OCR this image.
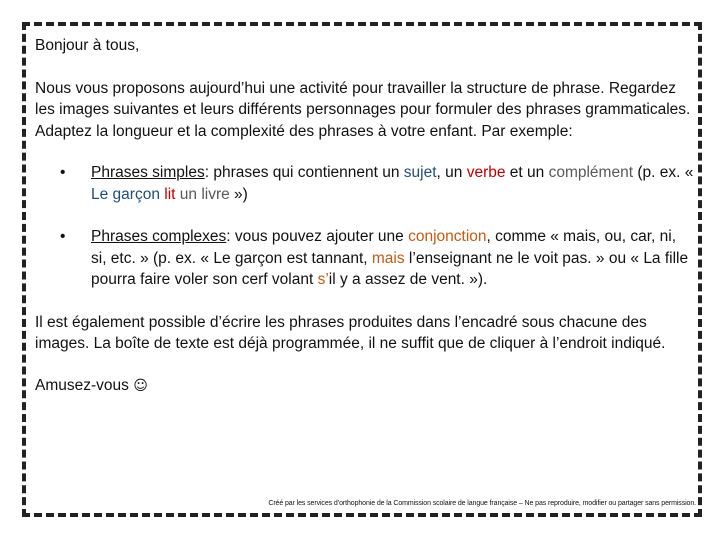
Bonjour à tous,

Nous vous proposons aujourd’hui une activité pour travailler la structure de phrase. Regardez les images suivantes et leurs différents personnages pour formuler des phrases grammaticales. Adaptez la longueur et la complexité des phrases à votre enfant. Par exemple:

• Phrases simples: phrases qui contiennent un sujet, un verbe et un complément (p. ex. « Le garçon lit un livre »)
• Phrases complexes: vous pouvez ajouter une conjonction, comme « mais, ou, car, ni, si, etc. » (p. ex. « Le garçon est tannant, mais l’enseignant ne le voit pas. » ou « La fille pourra faire voler son cerf volant s’il y a assez de vent. »).

Il est également possible d’écrire les phrases produites dans l’encadré sous chacune des images. La boîte de texte est déjà programmée, il ne suffit que de cliquer à l’endroit indiqué.

Amusez-vous ☺

Créé par les services d’orthophonie de la Commission scolaire de langue française – Ne pas reproduire, modifier ou partager sans permission.
